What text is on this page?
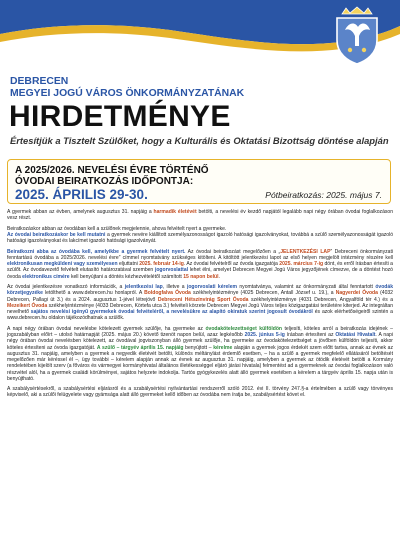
DEBRECEN
MEGYEI JOGÚ VÁROS ÖNKORMÁNYZATÁNAK
HIRDETMÉNYE
Értesítjük a Tisztelt Szülőket, hogy a Kulturális és Oktatási Bizottság döntése alapján
A 2025/2026. NEVELÉSI ÉVRE TÖRTÉNŐ
ÓVODAI BEIRATKOZÁS IDŐPONTJA:
2025. ÁPRILIS 29-30.	Pótbeiratkozás: 2025. május 7.

A gyermek abban az évben, amelynek augusztus 31. napjáig a harmadik életévét betölti, a nevelési év kezdő napjától legalább napi négy órában óvodai foglalkozáson vesz részt.

Beiratkozáskor abban az óvodában kell a szülőnek megjelennie, ahova felvételt nyert a gyermeke.
Az óvodai beiratkozáskor be kell mutatni a gyermek nevére kiállított személyazonosságot igazoló hatósági igazolványokat, továbbá a szülő személyazonosságát igazoló hatósági igazolványokat és lakcímet igazoló hatósági igazolványát.

Beiratkozni abba az óvodába kell, amelyikbe a gyermek felvételt nyert. Az óvodai beiratkozást megelőzően a „JELENTKEZÉSI LAP” Debreceni önkormányzati fenntartású óvodába a 2025/2026. nevelési évre” címmel nyomtatvány szükséges kitölteni. A kitöltött jelentkezési lapot az első helyen megjelölt intézmény részére kell elektronikusan megküldeni vagy személyesen eljuttatni 2025. február 14-ig. Az óvodai felvételről az óvoda igazgatója 2025. március 7-ig dönt, és erről írásban értesíti a szülőt. Az óvodavezető felvételt elutasító határozatával szemben jogorvoslattal lehet élni, amelyet Debrecen Megyei Jogú Város jegyzőjének címezve, de a döntést hozó óvoda elektronikus címére kell benyújtani a döntés kézhezvételétől számított 15 napon belül.

Az óvodai jelentkezésre vonatkozó információk, a jelentkezési lap, illetve a jogorvoslati kérelem nyomtatványa, valamint az önkormányzati által fenntartott óvodák körzetjegyzéke letölthető a www.debrecen.hu honlapról. A Boldogfalva Óvoda székhelyintézménye (4025 Debrecen, Antall József u. 19.), a Nagyerdei Óvoda (4032 Debrecen, Pallagi út 3.) és a 2024. augusztus 1-jével létrejövő Debreceni Hétszínvirág Sport Óvoda székhelyintézménye (4031 Debrecen, Angyalföld tér 4.) és a Mezeikert Óvoda székhelyintézménye (4033 Debrecen, Körtefa utca 3.) felvételi körzete Debrecen Megyei Jogú Város teljes közigazgatási területére kiterjed. Az integráltan nevelhető sajátos nevelési igényű gyermekek óvodai felvételéről, a nevelésükre az alapító okiratuk szerint jogosult óvodákról és azok elérhetőségeiről szintén a www.debrecen.hu oldalon tájékozódhatnak a szülők.

A napi négy órában óvodai nevelésbe kötelezett gyermek szülője, ha gyermeke az óvodakötelezettséget külföldön teljesíti, köteles arról a beiratkozás idejének – jogszabályban előírt – utolsó határnapját (2025. május 20.) követő tizenöt napon belül, azaz legkésőbb 2025. június 5-ig írásban értesíteni az Oktatási Hivatalt. A napi négy órában óvodai nevelésben kötelezett, az óvodával jogviszonyban álló gyermek szülője, ha gyermeke az óvodakötelezettséget a jövőben külföldön teljesíti, akkor köteles értesíteni az óvoda igazgatóját. A szülő – tárgyév április 15. napjáig benyújtott – kérelme alapján a gyermek jogos érdekét szem előtt tartva, annak az évnek az augusztus 31. napjáig, amelyben a gyermek a negyedik életévét betölti, különös méltánylást érdemlő esetben, – ha a szülő a gyermek megfelelő ellátásáról betöltését megelőzően már kéréssel él –, ügy további – kérelem alapján annak az évnek az augusztus 31. napjáig, amelyben a gyermek az ötödik életévét betölti a Kormány rendeletében kijelölt szerv (a főváros és vármegyei kormányhivatal általános illetékességgel eljáró járási hivatala) felmentést ad a gyermeknek az óvodai foglalkozáson való részvétel alól, ha a gyermek családi körülményei, sajátos helyzete indokolja. Tartós gyógykezelés alatt álló gyermek esetében a kérelem a tárgyév április 15. napja után is benyújtható.

A szabálysértésekről, a szabálysértési eljárásról és a szabálysértési nyilvántartási rendszerről szóló 2012. évi II. törvény 247.§-a értelmében a szülő vagy törvényes képviselő, aki a szülői felügyelete vagy gyámsága alatt álló gyermeket kellő időben az óvodába nem íratja be, szabálysértést követ el.
